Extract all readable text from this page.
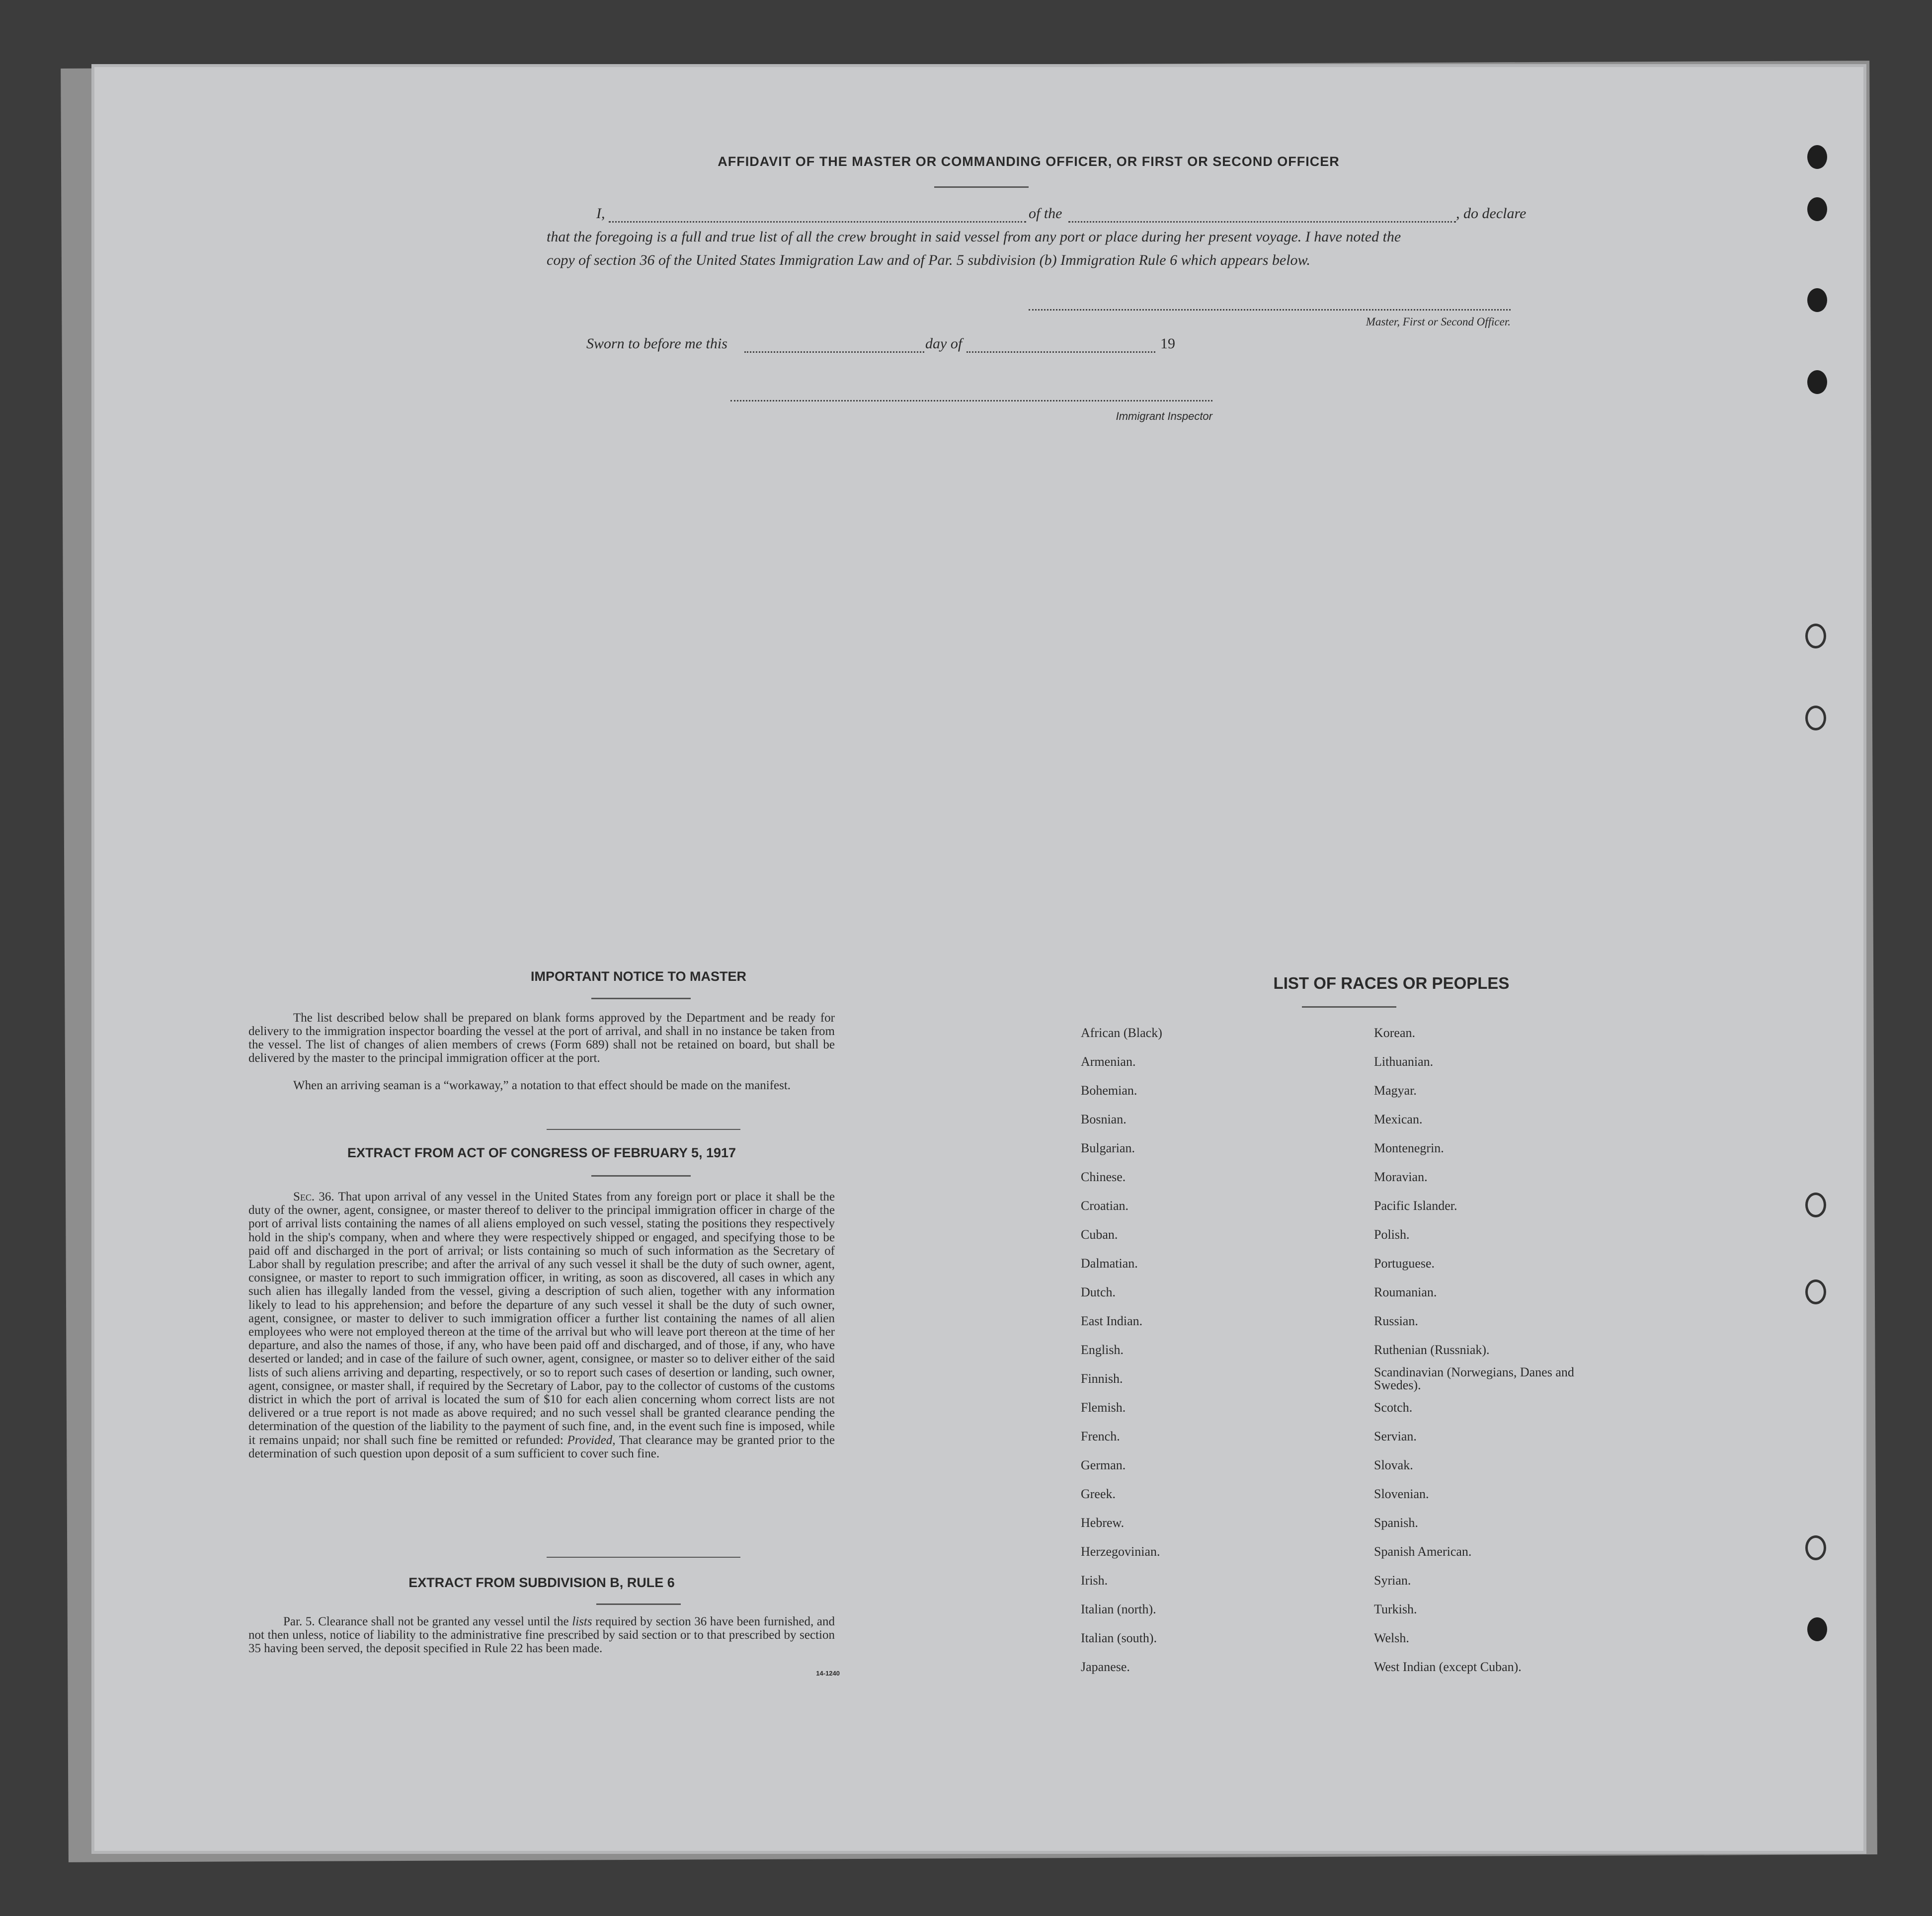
AFFIDAVIT OF THE MASTER OR COMMANDING OFFICER, OR FIRST OR SECOND OFFICER
I,	of the	, do declare
that the foregoing is a full and true list of all the crew brought in said vessel from any port or place during her present voyage. I have noted the
copy of section 36 of the United States Immigration Law and of Par. 5 subdivision (b) Immigration Rule 6 which appears below.
Master, First or Second Officer.
Sworn to before me this	day of	19
Immigrant Inspector
IMPORTANT NOTICE TO MASTER
The list described below shall be prepared on blank forms approved by the Department and be ready for delivery to the immigration inspector boarding the vessel at the port of arrival, and shall in no instance be taken from the vessel. The list of changes of alien members of crews (Form 689) shall not be retained on board, but shall be delivered by the master to the principal immigration officer at the port.
When an arriving seaman is a “workaway,” a notation to that effect should be made on the manifest.
EXTRACT FROM ACT OF CONGRESS OF FEBRUARY 5, 1917
Sec. 36. That upon arrival of any vessel in the United States from any foreign port or place it shall be the duty of the owner, agent, consignee, or master thereof to deliver to the principal immigration officer in charge of the port of arrival lists containing the names of all aliens employed on such vessel, stating the positions they respectively hold in the ship's company, when and where they were respectively shipped or engaged, and specifying those to be paid off and discharged in the port of arrival; or lists containing so much of such information as the Secretary of Labor shall by regulation prescribe; and after the arrival of any such vessel it shall be the duty of such owner, agent, consignee, or master to report to such immigration officer, in writing, as soon as discovered, all cases in which any such alien has illegally landed from the vessel, giving a description of such alien, together with any information likely to lead to his apprehension; and before the departure of any such vessel it shall be the duty of such owner, agent, consignee, or master to deliver to such immigration officer a further list containing the names of all alien employees who were not employed thereon at the time of the arrival but who will leave port thereon at the time of her departure, and also the names of those, if any, who have been paid off and discharged, and of those, if any, who have deserted or landed; and in case of the failure of such owner, agent, consignee, or master so to deliver either of the said lists of such aliens arriving and departing, respectively, or so to report such cases of desertion or landing, such owner, agent, consignee, or master shall, if required by the Secretary of Labor, pay to the collector of customs of the customs district in which the port of arrival is located the sum of $10 for each alien concerning whom correct lists are not delivered or a true report is not made as above required; and no such vessel shall be granted clearance pending the determination of the question of the liability to the payment of such fine, and, in the event such fine is imposed, while it remains unpaid; nor shall such fine be remitted or refunded: Provided, That clearance may be granted prior to the determination of such question upon deposit of a sum sufficient to cover such fine.
EXTRACT FROM SUBDIVISION B, RULE 6
Par. 5. Clearance shall not be granted any vessel until the lists required by section 36 have been furnished, and not then unless, notice of liability to the administrative fine prescribed by said section or to that prescribed by section 35 having been served, the deposit specified in Rule 22 has been made.
14-1240
LIST OF RACES OR PEOPLES
African (Black)	Korean.
Armenian.	Lithuanian.
Bohemian.	Magyar.
Bosnian.	Mexican.
Bulgarian.	Montenegrin.
Chinese.	Moravian.
Croatian.	Pacific Islander.
Cuban.	Polish.
Dalmatian.	Portuguese.
Dutch.	Roumanian.
East Indian.	Russian.
English.	Ruthenian (Russniak).
Finnish.	Scandinavian (Norwegians, Danes and Swedes).
Flemish.	Scotch.
French.	Servian.
German.	Slovak.
Greek.	Slovenian.
Hebrew.	Spanish.
Herzegovinian.	Spanish American.
Irish.	Syrian.
Italian (north).	Turkish.
Italian (south).	Welsh.
Japanese.	West Indian (except Cuban).
